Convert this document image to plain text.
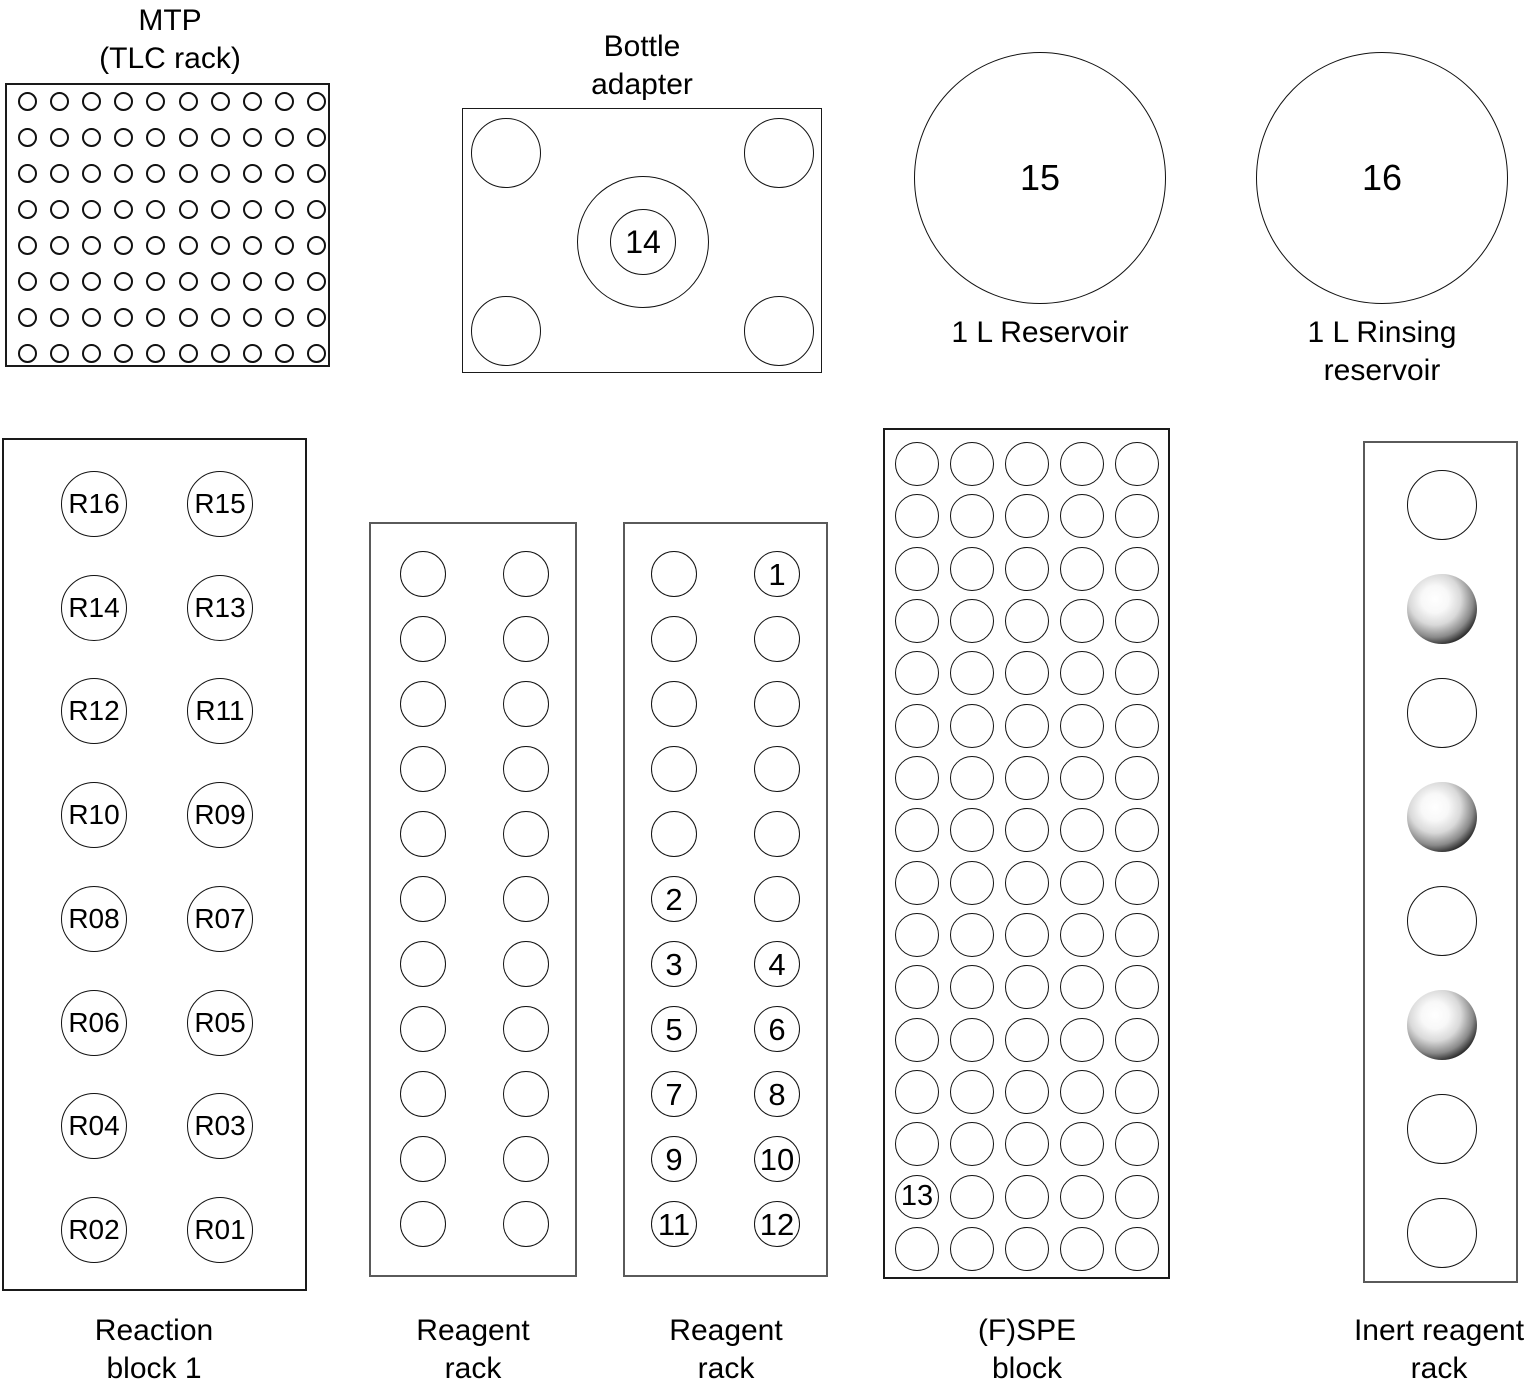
MTP
(TLC rack)	Bottle
adapter
14
15
1 L Reservoir
16
1 L Rinsing
reservoir
R16	R15
R14	R13
R12	R11
R10	R09
R08	R07
R06	R05
R04	R03
R02	R01
Reaction
block 1
Reagent
rack
1
2
3	4
5	6
7	8
9 10
11 12
Reagent
rack
13
(F)SPE
block
Inert reagent
rack
